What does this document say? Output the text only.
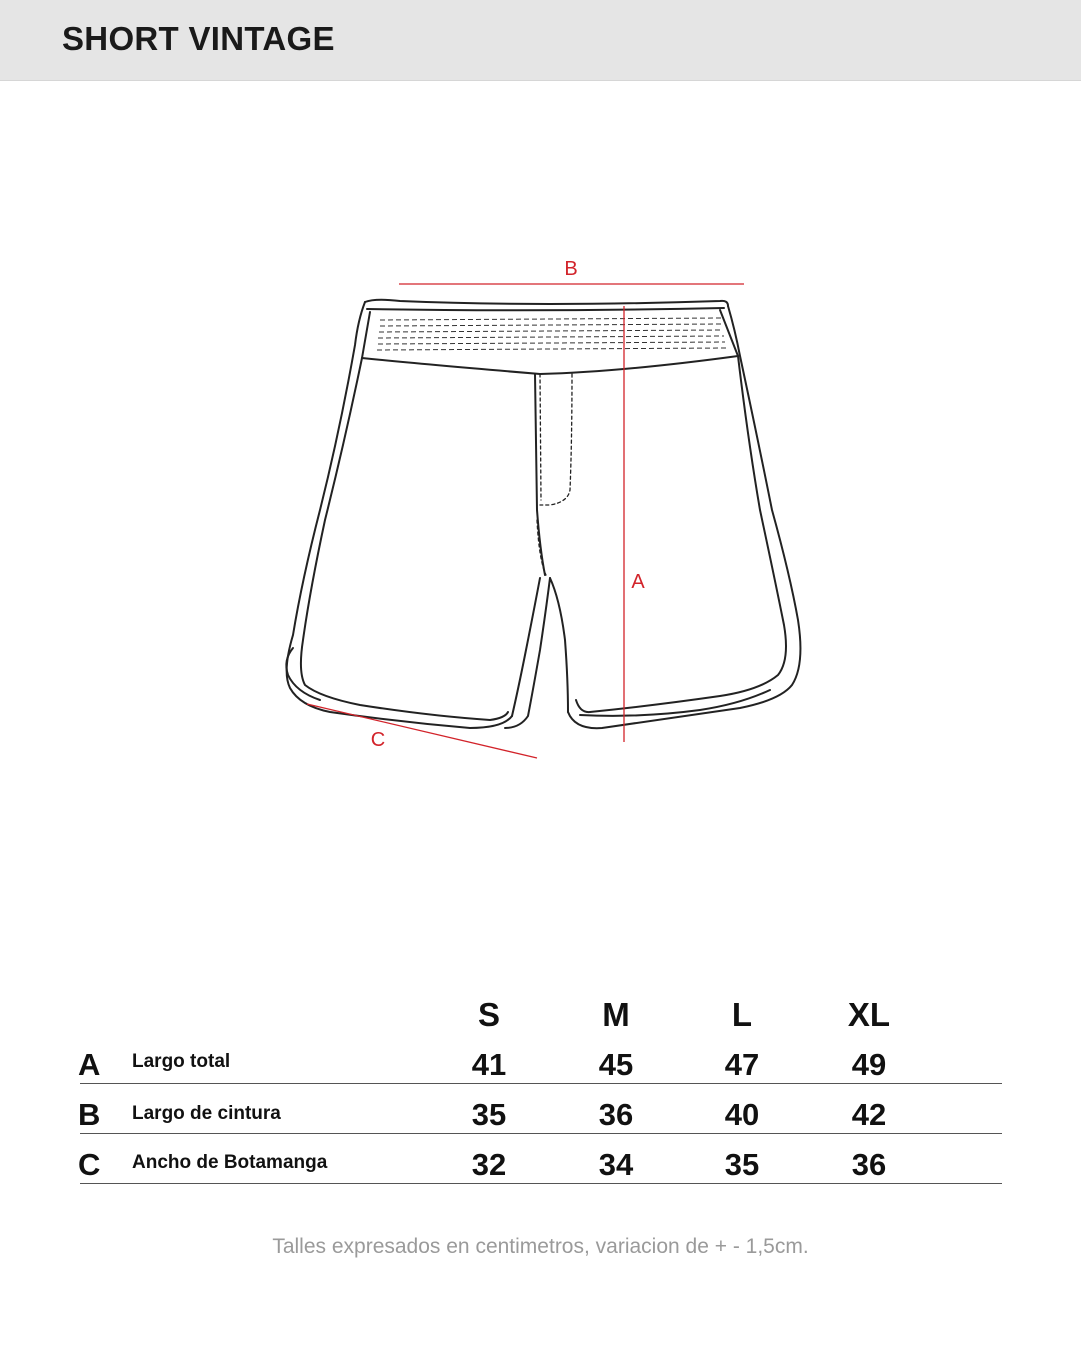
SHORT VINTAGE
B
A
C
S	M	L	XL
A	Largo total	41	45	47	49
B	Largo de cintura	35	36	40	42
C	Ancho de Botamanga	32	34	35	36
Talles expresados en centimetros, variacion de + - 1,5cm.
